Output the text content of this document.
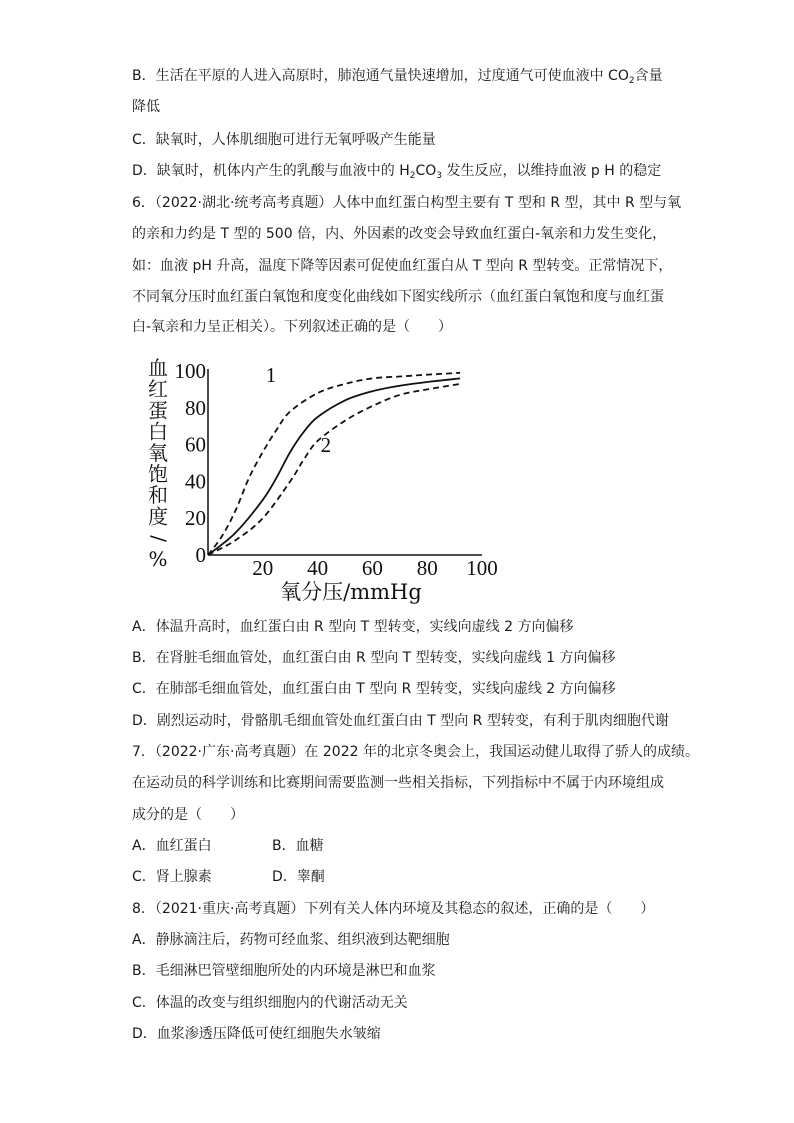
B．生活在平原的人进入高原时，肺泡通气量快速增加，过度通气可使血液中 $CO_2$含量
降低
C．缺氧时，人体肌细胞可进行无氧呼吸产生能量
D．缺氧时，机体内产生的乳酸与血液中的 $H_2CO_3$ 发生反应，以维持血液 p H 的稳定
6．（2022·湖北·统考高考真题）人体中血红蛋白构型主要有 T 型和 R 型，其中 R 型与氧
的亲和力约是 T 型的 500 倍，内、外因素的改变会导致血红蛋白-氧亲和力发生变化，
如：血液 pH 升高，温度下降等因素可促使血红蛋白从 T 型向 R 型转变。正常情况下，
不同氧分压时血红蛋白氧饱和度变化曲线如下图实线所示（血红蛋白氧饱和度与血红蛋
白-氧亲和力呈正相关）。下列叙述正确的是（　　）
血
红
蛋
白
氧
饱
和
度
/
% 0
20
40
60
80
100
20 40 60 80 100
1
2
氧分压/mmHg
A．体温升高时，血红蛋白由 R 型向 T 型转变，实线向虚线 2 方向偏移
B．在肾脏毛细血管处，血红蛋白由 R 型向 T 型转变，实线向虚线 1 方向偏移
C．在肺部毛细血管处，血红蛋白由 T 型向 R 型转变，实线向虚线 2 方向偏移
D．剧烈运动时，骨骼肌毛细血管处血红蛋白由 T 型向 R 型转变，有利于肌肉细胞代谢
7．（2022·广东·高考真题）在 2022 年的北京冬奥会上，我国运动健儿取得了骄人的成绩。
在运动员的科学训练和比赛期间需要监测一些相关指标，下列指标中不属于内环境组成
成分的是（　　）
A．血红蛋白	B．血糖
C．肾上腺素	D．睾酮
8．（2021·重庆·高考真题）下列有关人体内环境及其稳态的叙述，正确的是（　　）
A．静脉滴注后，药物可经血浆、组织液到达靶细胞
B．毛细淋巴管壁细胞所处的内环境是淋巴和血浆
C．体温的改变与组织细胞内的代谢活动无关
D．血浆渗透压降低可使红细胞失水皱缩
